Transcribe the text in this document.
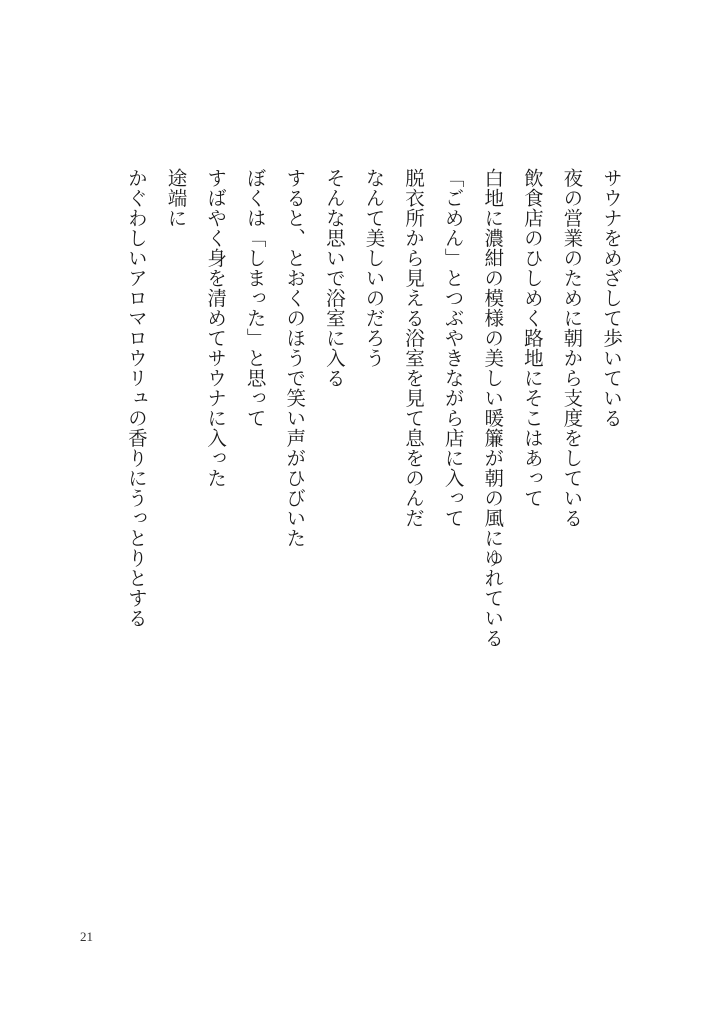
サウナをめざして歩いている
夜の営業のために朝から支度をしている
飲食店のひしめく路地にそこはあって
白地に濃紺の模様の美しい暖簾が朝の風にゆれている
「ごめん」とつぶやきながら店に入って
脱衣所から見える浴室を見て息をのんだ
なんて美しいのだろう
そんな思いで浴室に入る
すると、とおくのほうで笑い声がひびいた
ぼくは「しまった」と思って
すばやく身を清めてサウナに入った
途端に
かぐわしいアロマロウリュの香りにうっとりとする
21
